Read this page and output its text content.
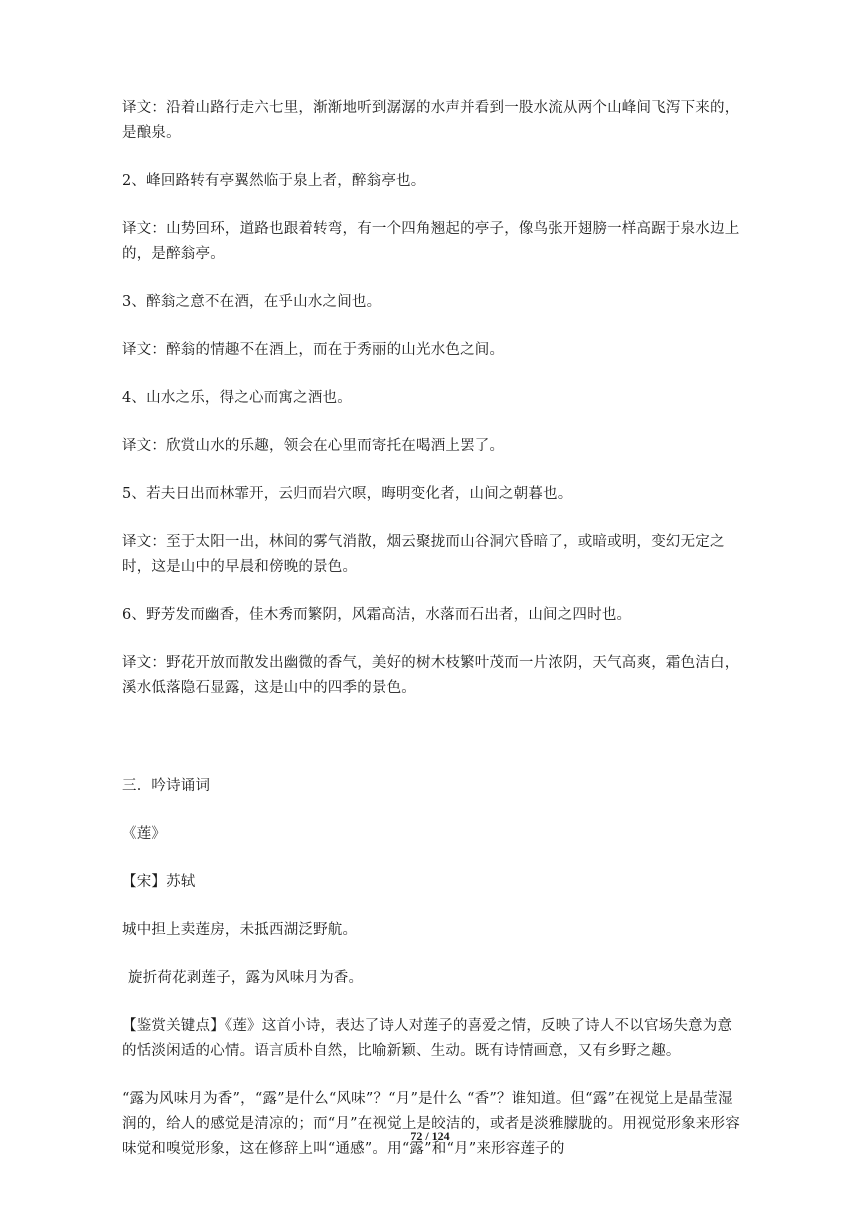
译文：沿着山路行走六七里，渐渐地听到潺潺的水声并看到一股水流从两个山峰间飞泻下来的，是酿泉。

2、峰回路转有亭翼然临于泉上者，醉翁亭也。

译文：山势回环，道路也跟着转弯，有一个四角翘起的亭子，像鸟张开翅膀一样高踞于泉水边上的，是醉翁亭。

3、醉翁之意不在酒，在乎山水之间也。

译文：醉翁的情趣不在酒上，而在于秀丽的山光水色之间。

4、山水之乐，得之心而寓之酒也。

译文：欣赏山水的乐趣，领会在心里而寄托在喝酒上罢了。

5、若夫日出而林霏开，云归而岩穴暝，晦明变化者，山间之朝暮也。

译文：至于太阳一出，林间的雾气消散，烟云聚拢而山谷洞穴昏暗了，或暗或明，变幻无定之时，这是山中的早晨和傍晚的景色。

6、野芳发而幽香，佳木秀而繁阴，风霜高洁，水落而石出者，山间之四时也。

译文：野花开放而散发出幽微的香气，美好的树木枝繁叶茂而一片浓阴，天气高爽，霜色洁白，溪水低落隐石显露，这是山中的四季的景色。

三．吟诗诵词

《莲》

【宋】苏轼

城中担上卖莲房，未抵西湖泛野航。

旋折荷花剥莲子，露为风味月为香。

【鉴赏关键点】《莲》这首小诗，表达了诗人对莲子的喜爱之情，反映了诗人不以官场失意为意的恬淡闲适的心情。语言质朴自然，比喻新颖、生动。既有诗情画意，又有乡野之趣。

“露为风味月为香”，“露”是什么“风味”？“月”是什么 “香”？谁知道。但“露”在视觉上是晶莹湿润的，给人的感觉是清凉的；而“月”在视觉上是皎洁的，或者是淡雅朦胧的。用视觉形象来形容味觉和嗅觉形象，这在修辞上叫“通感”。用“露”和“月”来形容莲子的

72 / 124
